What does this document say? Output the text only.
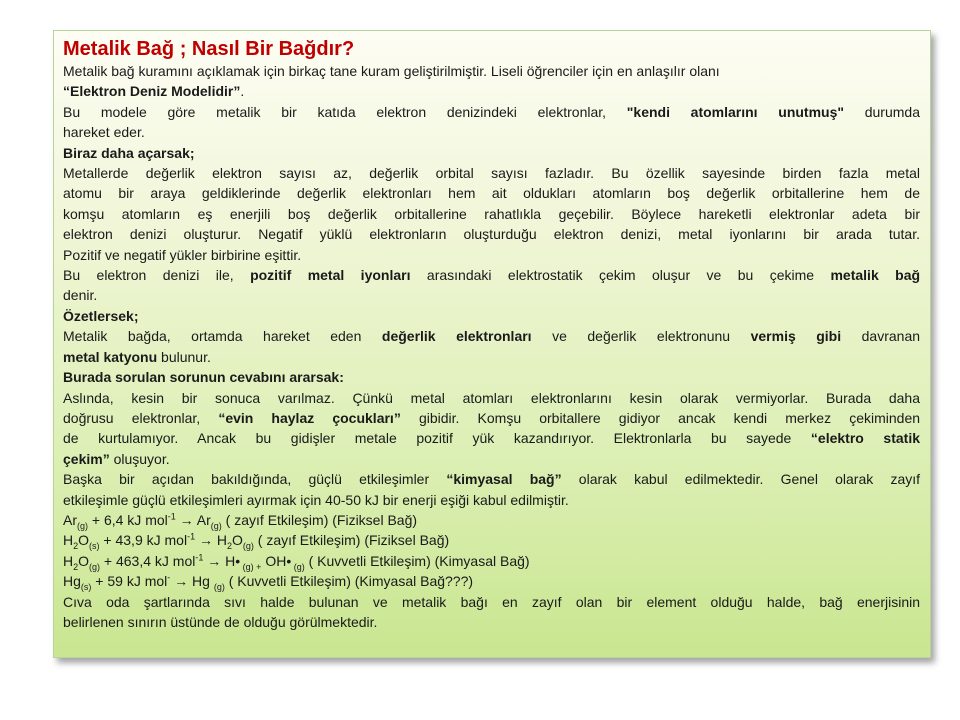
Metalik Bağ ; Nasıl Bir Bağdır?
Metalik bağ kuramını açıklamak için birkaç tane kuram geliştirilmiştir. Liseli öğrenciler için en anlaşılır olanı
“Elektron Deniz Modelidir”.
Bu modele göre metalik bir katıda elektron denizindeki elektronlar, "kendi atomlarını unutmuş" durumda
hareket eder.
Biraz daha açarsak;
Metallerde değerlik elektron sayısı az, değerlik orbital sayısı fazladır. Bu özellik sayesinde birden fazla metal
atomu bir araya geldiklerinde değerlik elektronları hem ait oldukları atomların boş değerlik orbitallerine hem de
komşu atomların eş enerjili boş değerlik orbitallerine rahatlıkla geçebilir. Böylece hareketli elektronlar adeta bir
elektron denizi oluşturur. Negatif yüklü elektronların oluşturduğu elektron denizi, metal iyonlarını bir arada tutar.
Pozitif ve negatif yükler birbirine eşittir.
Bu elektron denizi ile, pozitif metal iyonları arasındaki elektrostatik çekim oluşur ve bu çekime metalik bağ
denir.
Özetlersek;
Metalik bağda, ortamda hareket eden değerlik elektronları ve değerlik elektronunu vermiş gibi davranan
metal katyonu bulunur.
Burada sorulan sorunun cevabını ararsak:
Aslında, kesin bir sonuca varılmaz. Çünkü metal atomları elektronlarını kesin olarak vermiyorlar. Burada daha
doğrusu elektronlar, “evin haylaz çocukları” gibidir. Komşu orbitallere gidiyor ancak kendi merkez çekiminden
de kurtulamıyor. Ancak bu gidişler metale pozitif yük kazandırıyor. Elektronlarla bu sayede “elektro statik
çekim” oluşuyor.
Başka bir açıdan bakıldığında, güçlü etkileşimler “kimyasal bağ” olarak kabul edilmektedir. Genel olarak zayıf
etkileşimle güçlü etkileşimleri ayırmak için 40-50 kJ bir enerji eşiği kabul edilmiştir.
$Ar_{(g)} + 6,4$ kJ $mol^{-1} \to Ar_{(g)}$ ( zayıf Etkileşim) (Fiziksel Bağ)
$H_2O_{(s)} + 43,9$ kJ $mol^{-1} \to H_2O_{(g)}$ ( zayıf Etkileşim) (Fiziksel Bağ)
$H_2O_{(g)} + 463,4$ kJ mol$^{-1}$ → H• $_{(g) +}$ OH• $_{(g)}$ ( Kuvvetli Etkileşim) (Kimyasal Bağ)
$Hg_{(s)} + 59$ kJ mol- → Hg $_{(g)}$ ( Kuvvetli Etkileşim) (Kimyasal Bağ???)
Cıva oda şartlarında sıvı halde bulunan ve metalik bağı en zayıf olan bir element olduğu halde, bağ enerjisinin
belirlenen sınırın üstünde de olduğu görülmektedir.
